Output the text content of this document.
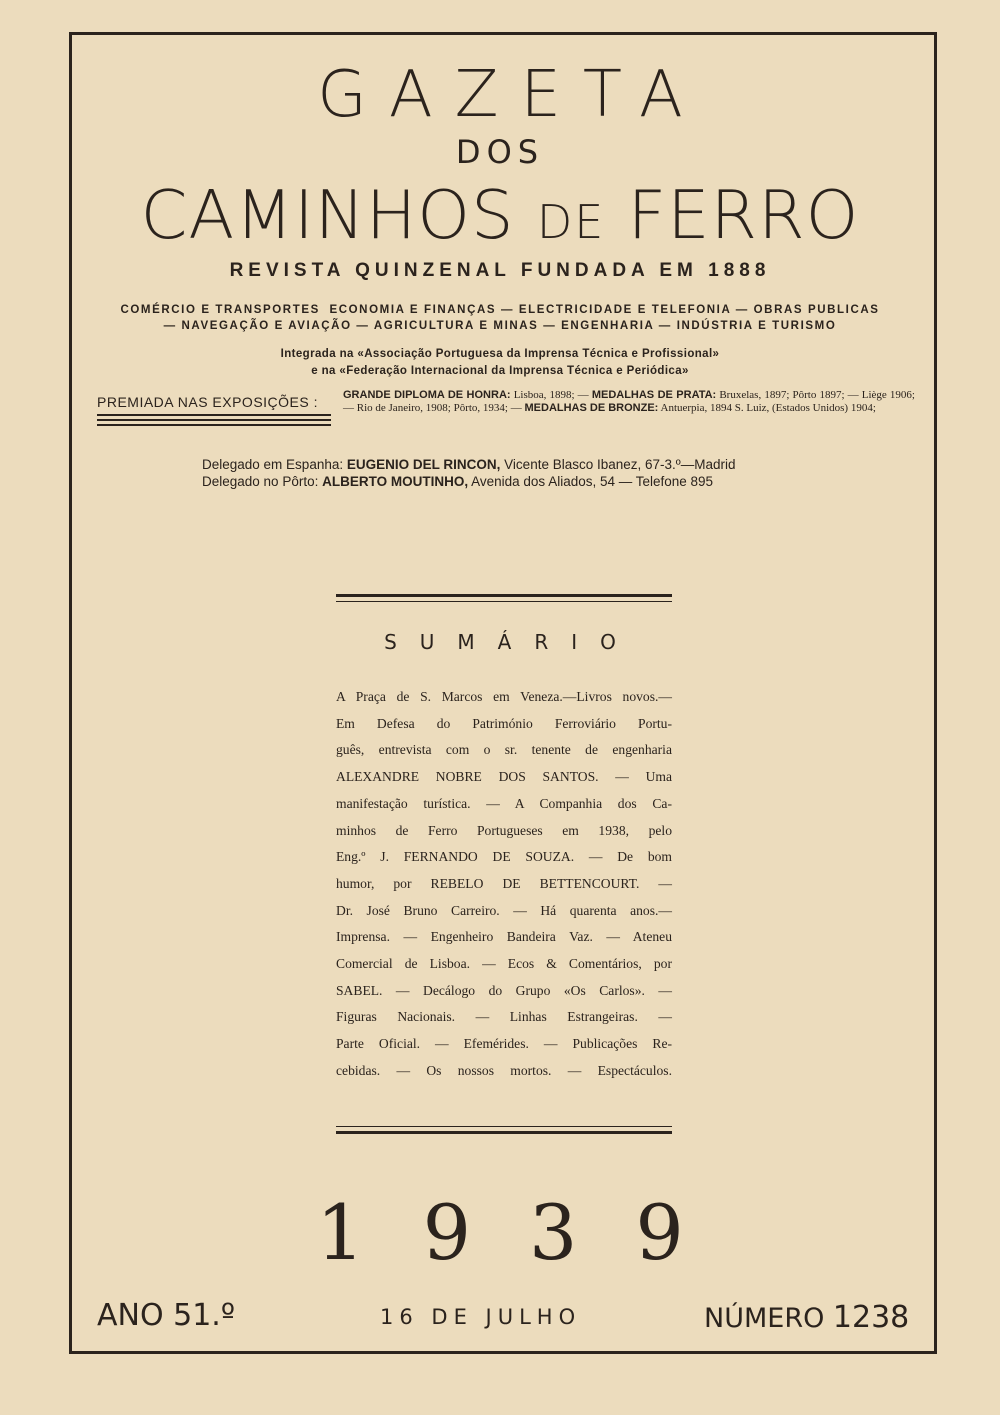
GAZETA
DOS
CAMINHOS DE FERRO
REVISTA QUINZENAL FUNDADA EM 1888
COMÉRCIO E TRANSPORTES  ECONOMIA E FINANÇAS — ELECTRICIDADE E TELEFONIA — OBRAS PUBLICAS
— NAVEGAÇÃO E AVIAÇÃO — AGRICULTURA E MINAS — ENGENHARIA — INDÚSTRIA E TURISMO
Integrada na «Associação Portuguesa da Imprensa Técnica e Profissional»
e na «Federação Internacional da Imprensa Técnica e Periódica»
PREMIADA NAS EXPOSIÇÕES :	GRANDE DIPLOMA DE HONRA: Lisboa, 1898; — MEDALHAS DE PRATA: Bruxelas, 1897; Pôrto 1897; — Liège 1906; — Rio de Janeiro, 1908; Pôrto, 1934; — MEDALHAS DE BRONZE: Antuerpia, 1894 S. Luiz, (Estados Unidos) 1904;
Delegado em Espanha: EUGENIO DEL RINCON, Vicente Blasco Ibanez, 67-3.º—Madrid
Delegado no Pôrto: ALBERTO MOUTINHO, Avenida dos Aliados, 54 — Telefone 895
SUMÁRIO
A Praça de S. Marcos em Veneza.—Livros novos.—
Em Defesa do Património Ferroviário Portu-
guês, entrevista com o sr. tenente de engenharia
ALEXANDRE NOBRE DOS SANTOS. — Uma
manifestação turística. — A Companhia dos Ca-
minhos de Ferro Portugueses em 1938, pelo
Eng.º J. FERNANDO DE SOUZA. — De bom
humor, por REBELO DE BETTENCOURT. —
Dr. José Bruno Carreiro. — Há quarenta anos.—
Imprensa. — Engenheiro Bandeira Vaz. — Ateneu
Comercial de Lisboa. — Ecos & Comentários, por
SABEL. — Decálogo do Grupo «Os Carlos». —
Figuras Nacionais. — Linhas Estrangeiras. —
Parte Oficial. — Efemérides. — Publicações Re-
cebidas. — Os nossos mortos. — Espectáculos.
1939
ANO 51.º	16 DE JULHO	NÚMERO 1238
